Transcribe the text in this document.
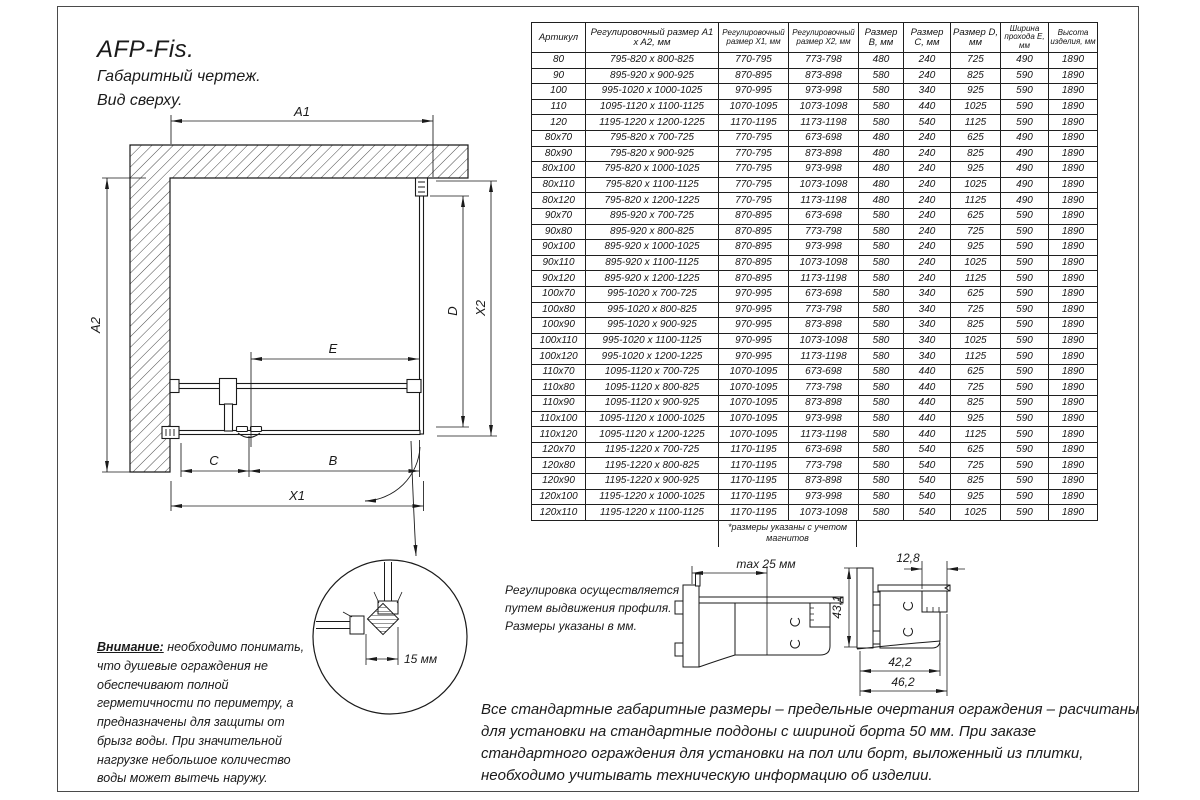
A1
A2
X2
D
E
C	B
X1
15 мм
max 25 мм
43,1
12,8
42,2
46,2
AFP-Fis.
Габаритный чертеж.
Вид сверху.
Внимание: необходимо понимать, что душевые ограждения не обеспечивают полной герметичности по периметру, а предназначены для защиты от брызг воды. При значительной нагрузке небольшое количество воды может вытечь наружу.
Регулировка осуществляется путем выдвижения профиля. Размеры указаны в мм.
Все стандартные габаритные размеры – предельные очертания ограждения – расчитаны для установки на стандартные поддоны с шириной борта 50 мм. При заказе стандартного ограждения для установки на пол или борт, выложенный из плитки, необходимо учитывать техническую информацию об изделии.
Артикул	Регулировочный размер A1 x A2, мм	Регулировочный размер X1, мм	Регулировочный размер X2, мм	Размер B, мм	Размер C, мм	Размер D, мм	Ширина прохода E, мм	Высота изделия, мм
80	795-820 x 800-825	770-795	773-798	480	240	725	490	1890
90	895-920 x 900-925	870-895	873-898	580	240	825	590	1890
100	995-1020 x 1000-1025	970-995	973-998	580	340	925	590	1890
110	1095-1120 x 1100-1125	1070-1095	1073-1098	580	440	1025	590	1890
120	1195-1220 x 1200-1225	1170-1195	1173-1198	580	540	1125	590	1890
80x70	795-820 x 700-725	770-795	673-698	480	240	625	490	1890
80x90	795-820 x 900-925	770-795	873-898	480	240	825	490	1890
80x100	795-820 x 1000-1025	770-795	973-998	480	240	925	490	1890
80x110	795-820 x 1100-1125	770-795	1073-1098	480	240	1025	490	1890
80x120	795-820 x 1200-1225	770-795	1173-1198	480	240	1125	490	1890
90x70	895-920 x 700-725	870-895	673-698	580	240	625	590	1890
90x80	895-920 x 800-825	870-895	773-798	580	240	725	590	1890
90x100	895-920 x 1000-1025	870-895	973-998	580	240	925	590	1890
90x110	895-920 x 1100-1125	870-895	1073-1098	580	240	1025	590	1890
90x120	895-920 x 1200-1225	870-895	1173-1198	580	240	1125	590	1890
100x70	995-1020 x 700-725	970-995	673-698	580	340	625	590	1890
100x80	995-1020 x 800-825	970-995	773-798	580	340	725	590	1890
100x90	995-1020 x 900-925	970-995	873-898	580	340	825	590	1890
100x110	995-1020 x 1100-1125	970-995	1073-1098	580	340	1025	590	1890
100x120	995-1020 x 1200-1225	970-995	1173-1198	580	340	1125	590	1890
110x70	1095-1120 x 700-725	1070-1095	673-698	580	440	625	590	1890
110x80	1095-1120 x 800-825	1070-1095	773-798	580	440	725	590	1890
110x90	1095-1120 x 900-925	1070-1095	873-898	580	440	825	590	1890
110x100	1095-1120 x 1000-1025	1070-1095	973-998	580	440	925	590	1890
110x120	1095-1120 x 1200-1225	1070-1095	1173-1198	580	440	1125	590	1890
120x70	1195-1220 x 700-725	1170-1195	673-698	580	540	625	590	1890
120x80	1195-1220 x 800-825	1170-1195	773-798	580	540	725	590	1890
120x90	1195-1220 x 900-925	1170-1195	873-898	580	540	825	590	1890
120x100	1195-1220 x 1000-1025	1170-1195	973-998	580	540	925	590	1890
120x110	1195-1220 x 1100-1125	1170-1195	1073-1098	580	540	1025	590	1890
*размеры указаны с учетом магнитов
